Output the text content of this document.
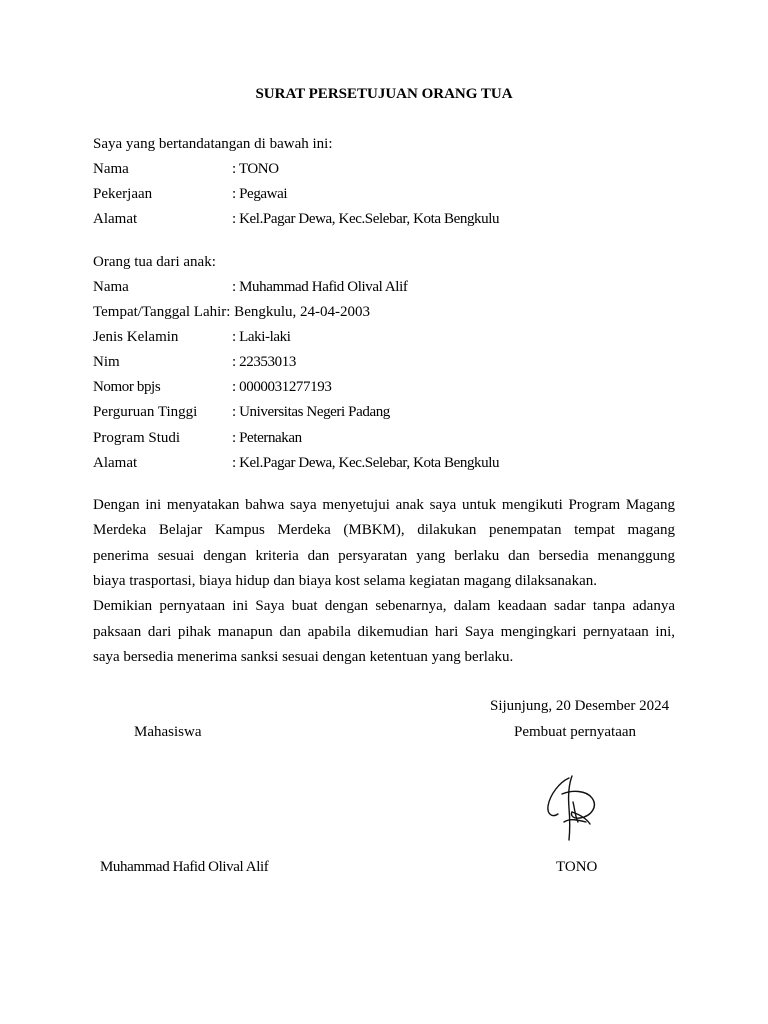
SURAT PERSETUJUAN ORANG TUA
Saya yang bertandatangan di bawah ini:
Nama	: TONO
Pekerjaan	: Pegawai
Alamat	: Kel.Pagar Dewa, Kec.Selebar, Kota Bengkulu
Orang tua dari anak:
Nama	: Muhammad Hafid Olival Alif
Tempat/Tanggal Lahir: Bengkulu, 24-04-2003
Jenis Kelamin	: Laki-laki
Nim	: 22353013
Nomor bpjs	: 0000031277193
Perguruan Tinggi : Universitas Negeri Padang
Program Studi	: Peternakan
Alamat	: Kel.Pagar Dewa, Kec.Selebar, Kota Bengkulu
Dengan ini menyatakan bahwa saya menyetujui anak saya untuk mengikuti Program Magang
Merdeka Belajar Kampus Merdeka (MBKM), dilakukan penempatan tempat magang
penerima sesuai dengan kriteria dan persyaratan yang berlaku dan bersedia menanggung
biaya trasportasi, biaya hidup dan biaya kost selama kegiatan magang dilaksanakan.
Demikian pernyataan ini Saya buat dengan sebenarnya, dalam keadaan sadar tanpa adanya
paksaan dari pihak manapun dan apabila dikemudian hari Saya mengingkari pernyataan ini,
saya bersedia menerima sanksi sesuai dengan ketentuan yang berlaku.
Sijunjung, 20 Desember 2024
Mahasiswa	Pembuat pernyataan
Muhammad Hafid Olival Alif	TONO
